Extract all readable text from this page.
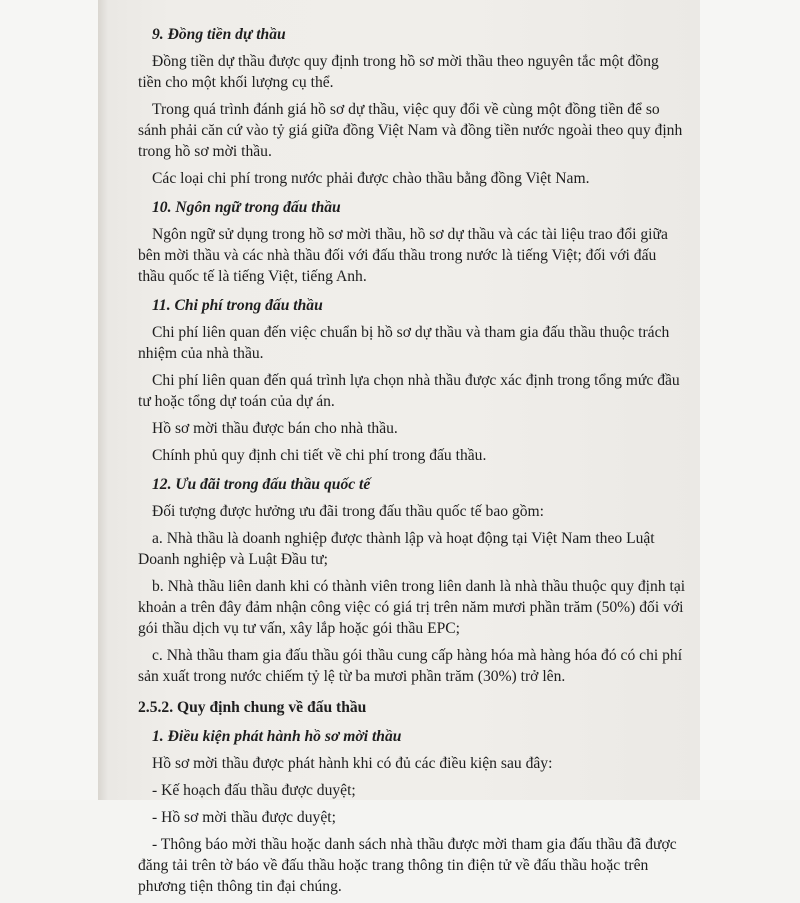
9. Đồng tiền dự thầu
Đồng tiền dự thầu được quy định trong hồ sơ mời thầu theo nguyên tắc một đồng tiền cho một khối lượng cụ thể.
Trong quá trình đánh giá hồ sơ dự thầu, việc quy đổi về cùng một đồng tiền để so sánh phải căn cứ vào tỷ giá giữa đồng Việt Nam và đồng tiền nước ngoài theo quy định trong hồ sơ mời thầu.
Các loại chi phí trong nước phải được chào thầu bằng đồng Việt Nam.
10. Ngôn ngữ trong đấu thầu
Ngôn ngữ sử dụng trong hồ sơ mời thầu, hồ sơ dự thầu và các tài liệu trao đổi giữa bên mời thầu và các nhà thầu đối với đấu thầu trong nước là tiếng Việt; đối với đấu thầu quốc tế là tiếng Việt, tiếng Anh.
11. Chi phí trong đấu thầu
Chi phí liên quan đến việc chuẩn bị hồ sơ dự thầu và tham gia đấu thầu thuộc trách nhiệm của nhà thầu.
Chi phí liên quan đến quá trình lựa chọn nhà thầu được xác định trong tổng mức đầu tư hoặc tổng dự toán của dự án.
Hồ sơ mời thầu được bán cho nhà thầu.
Chính phủ quy định chi tiết về chi phí trong đấu thầu.
12. Ưu đãi trong đấu thầu quốc tế
Đối tượng được hưởng ưu đãi trong đấu thầu quốc tế bao gồm:
a. Nhà thầu là doanh nghiệp được thành lập và hoạt động tại Việt Nam theo Luật Doanh nghiệp và Luật Đầu tư;
b. Nhà thầu liên danh khi có thành viên trong liên danh là nhà thầu thuộc quy định tại khoản a trên đây đảm nhận công việc có giá trị trên năm mươi phần trăm (50%) đối với gói thầu dịch vụ tư vấn, xây lắp hoặc gói thầu EPC;
c. Nhà thầu tham gia đấu thầu gói thầu cung cấp hàng hóa mà hàng hóa đó có chi phí sản xuất trong nước chiếm tỷ lệ từ ba mươi phần trăm (30%) trở lên.
2.5.2. Quy định chung về đấu thầu
1. Điều kiện phát hành hồ sơ mời thầu
Hồ sơ mời thầu được phát hành khi có đủ các điều kiện sau đây:
- Kế hoạch đấu thầu được duyệt;
- Hồ sơ mời thầu được duyệt;
- Thông báo mời thầu hoặc danh sách nhà thầu được mời tham gia đấu thầu đã được đăng tải trên tờ báo về đấu thầu hoặc trang thông tin điện tử về đấu thầu hoặc trên phương tiện thông tin đại chúng.
